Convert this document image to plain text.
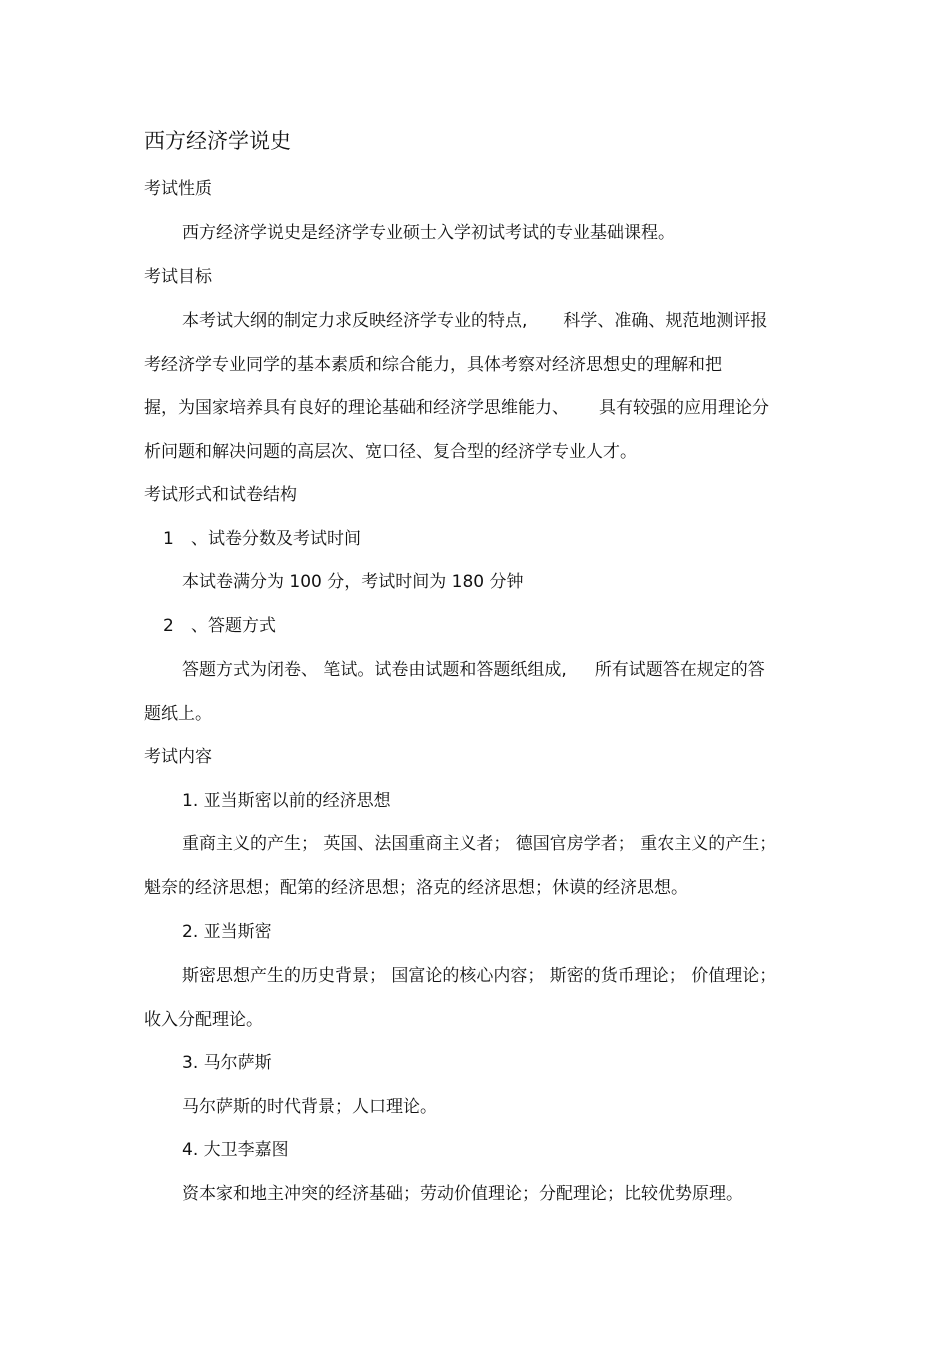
西方经济学说史
考试性质
西方经济学说史是经济学专业硕士入学初试考试的专业基础课程。
考试目标
本考试大纲的制定力求反映经济学专业的特点, 科学、准确、规范地测评报
考经济学专业同学的基本素质和综合能力，具体考察对经济思想史的理解和把
握，为国家培养具有良好的理论基础和经济学思维能力、 具有较强的应用理论分
析问题和解决问题的高层次、宽口径、复合型的经济学专业人才。
考试形式和试卷结构
1 、试卷分数及考试时间
本试卷满分为 100 分，考试时间为 180 分钟
2 、答题方式
答题方式为闭卷、 笔试。试卷由试题和答题纸组成, 所有试题答在规定的答
题纸上。
考试内容
1. 亚当斯密以前的经济思想
重商主义的产生； 英国、法国重商主义者； 德国官房学者； 重农主义的产生；
魁奈的经济思想；配第的经济思想；洛克的经济思想；休谟的经济思想。
2. 亚当斯密
斯密思想产生的历史背景； 国富论的核心内容； 斯密的货币理论； 价值理论；
收入分配理论。
3. 马尔萨斯
马尔萨斯的时代背景；人口理论。
4. 大卫李嘉图
资本家和地主冲突的经济基础；劳动价值理论；分配理论；比较优势原理。
